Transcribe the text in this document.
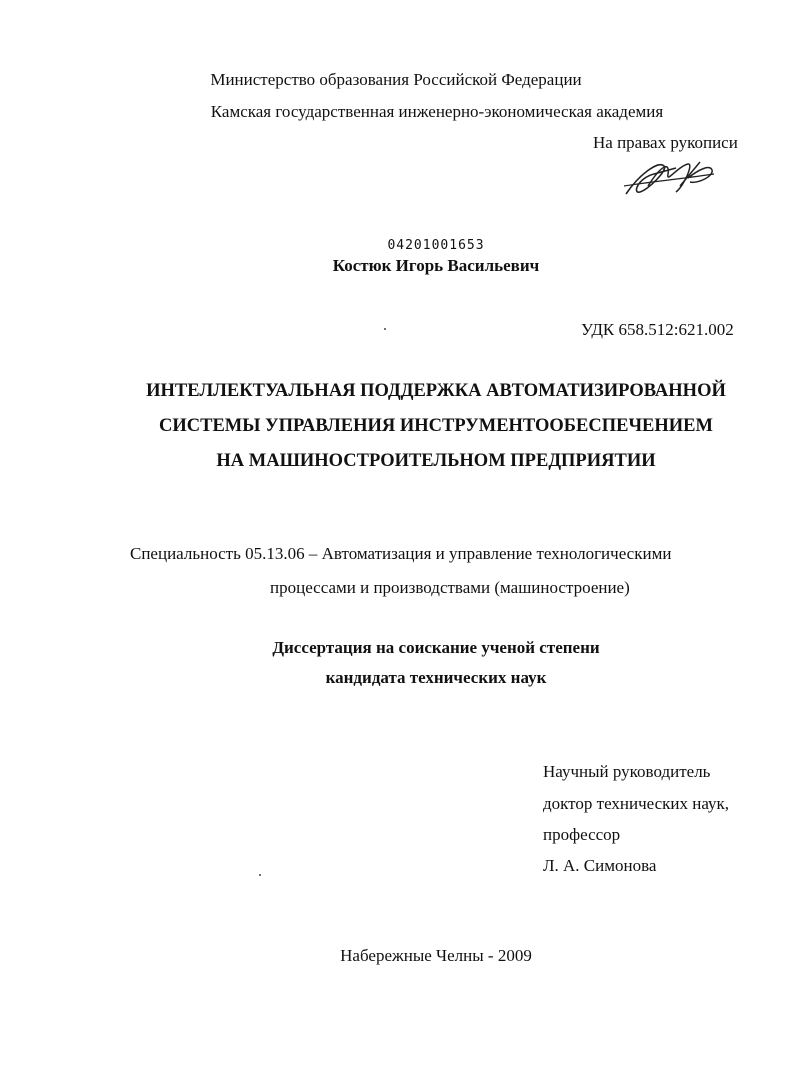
Министерство образования Российской Федерации
Камская государственная инженерно-экономическая академия
На правах рукописи
04201001653
Костюк Игорь Васильевич
УДК 658.512:621.002
ИНТЕЛЛЕКТУАЛЬНАЯ ПОДДЕРЖКА АВТОМАТИЗИРОВАННОЙ
СИСТЕМЫ УПРАВЛЕНИЯ ИНСТРУМЕНТООБЕСПЕЧЕНИЕМ
НА МАШИНОСТРОИТЕЛЬНОМ ПРЕДПРИЯТИИ
Специальность 05.13.06 – Автоматизация и управление технологическими
процессами и производствами (машиностроение)
Диссертация на соискание ученой степени
кандидата технических наук
Научный руководитель
доктор технических наук,
профессор
Л. А. Симонова
Набережные Челны - 2009
